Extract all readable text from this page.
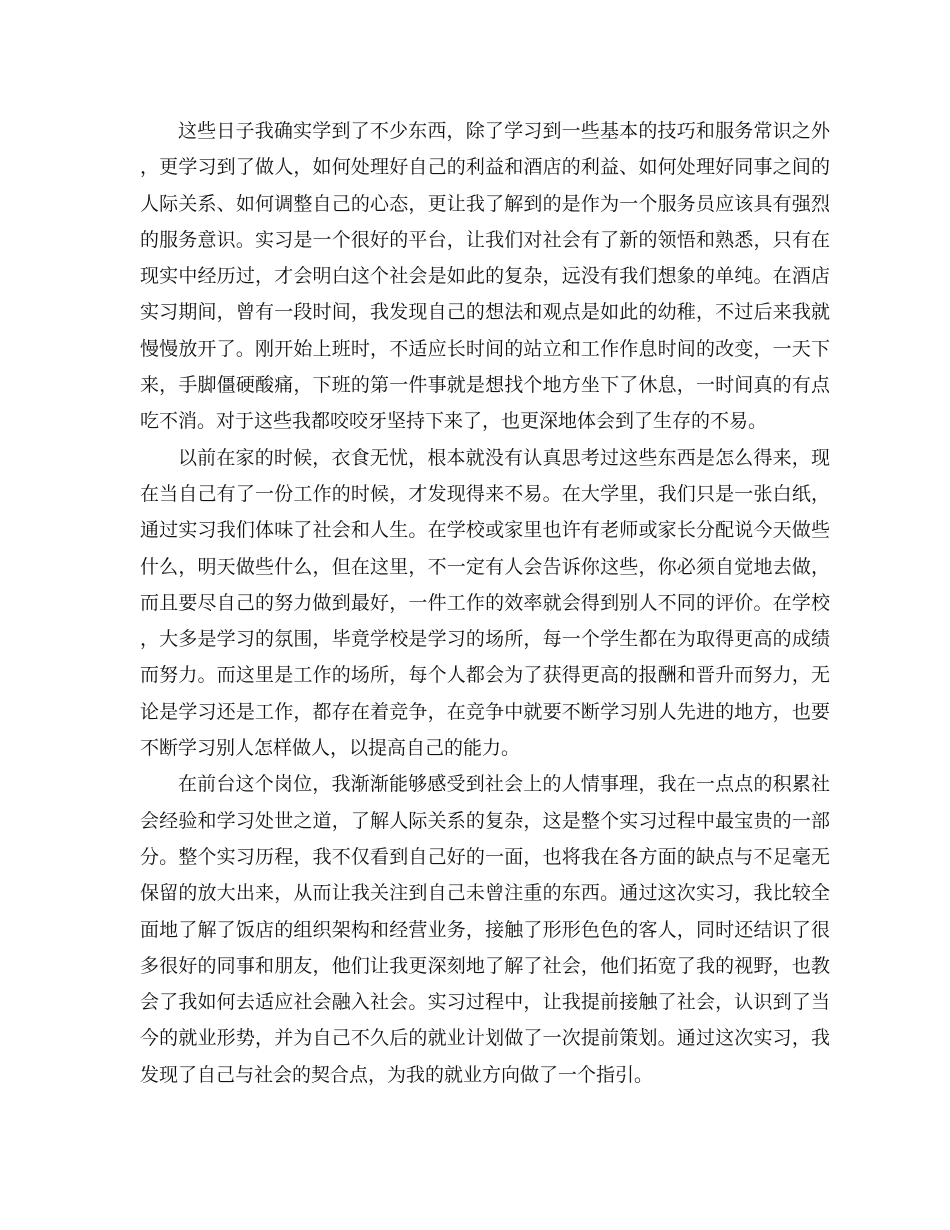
这些日子我确实学到了不少东西，除了学习到一些基本的技巧和服务常识之外，更学习到了做人，如何处理好自己的利益和酒店的利益、如何处理好同事之间的人际关系、如何调整自己的心态，更让我了解到的是作为一个服务员应该具有强烈的服务意识。实习是一个很好的平台，让我们对社会有了新的领悟和熟悉，只有在现实中经历过，才会明白这个社会是如此的复杂，远没有我们想象的单纯。在酒店实习期间，曾有一段时间，我发现自己的想法和观点是如此的幼稚，不过后来我就慢慢放开了。刚开始上班时，不适应长时间的站立和工作作息时间的改变，一天下来，手脚僵硬酸痛，下班的第一件事就是想找个地方坐下了休息，一时间真的有点吃不消。对于这些我都咬咬牙坚持下来了，也更深地体会到了生存的不易。

以前在家的时候，衣食无忧，根本就没有认真思考过这些东西是怎么得来，现在当自己有了一份工作的时候，才发现得来不易。在大学里，我们只是一张白纸，通过实习我们体味了社会和人生。在学校或家里也许有老师或家长分配说今天做些什么，明天做些什么，但在这里，不一定有人会告诉你这些，你必须自觉地去做，而且要尽自己的努力做到最好，一件工作的效率就会得到别人不同的评价。在学校，大多是学习的氛围，毕竟学校是学习的场所，每一个学生都在为取得更高的成绩而努力。而这里是工作的场所，每个人都会为了获得更高的报酬和晋升而努力，无论是学习还是工作，都存在着竞争，在竞争中就要不断学习别人先进的地方，也要不断学习别人怎样做人，以提高自己的能力。

在前台这个岗位，我渐渐能够感受到社会上的人情事理，我在一点点的积累社会经验和学习处世之道，了解人际关系的复杂，这是整个实习过程中最宝贵的一部分。整个实习历程，我不仅看到自己好的一面，也将我在各方面的缺点与不足毫无保留的放大出来，从而让我关注到自己未曾注重的东西。通过这次实习，我比较全面地了解了饭店的组织架构和经营业务，接触了形形色色的客人，同时还结识了很多很好的同事和朋友，他们让我更深刻地了解了社会，他们拓宽了我的视野，也教会了我如何去适应社会融入社会。实习过程中，让我提前接触了社会，认识到了当今的就业形势，并为自己不久后的就业计划做了一次提前策划。通过这次实习，我发现了自己与社会的契合点，为我的就业方向做了一个指引。
